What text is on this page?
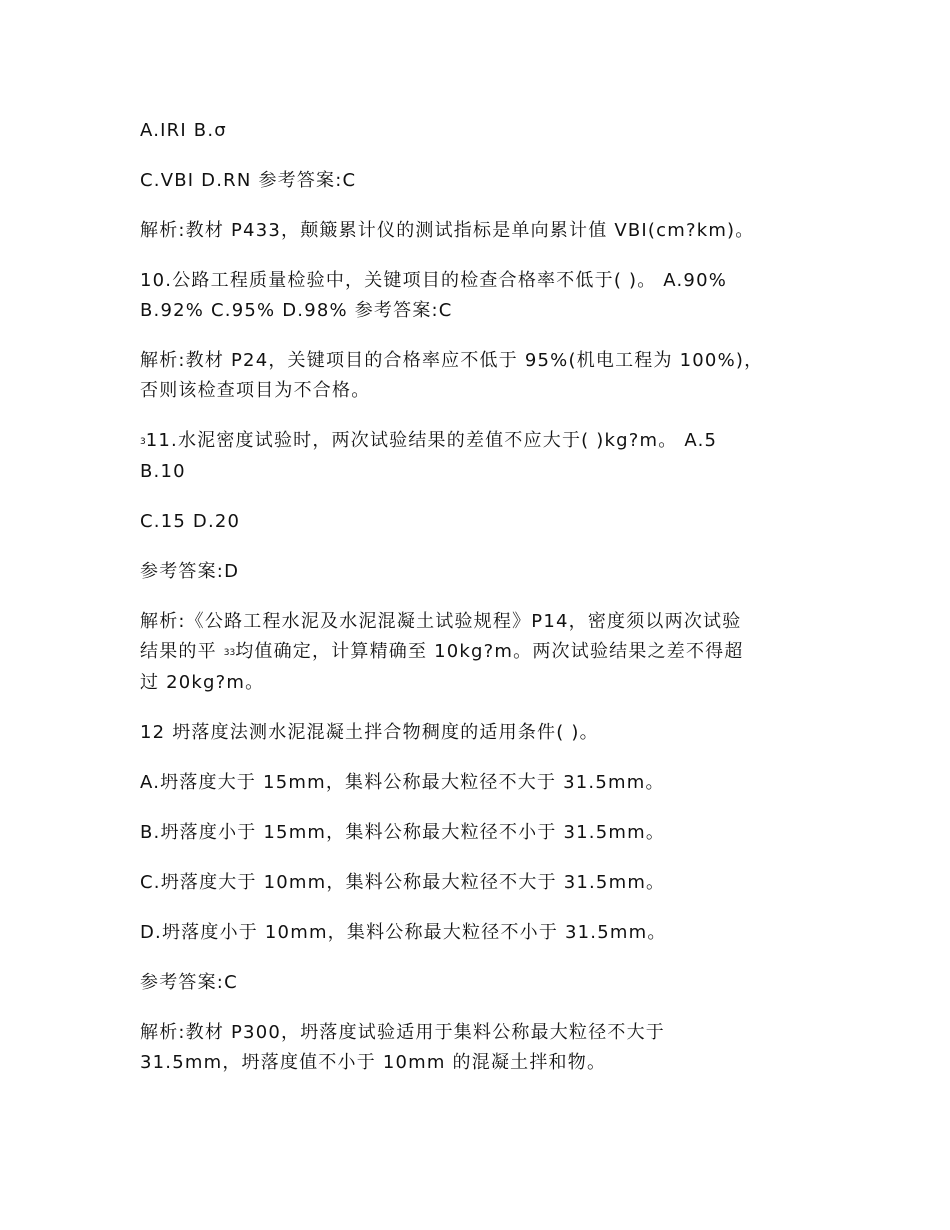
A.IRI B.σ

C.VBI D.RN 参考答案:C

解析:教材 P433，颠簸累计仪的测试指标是单向累计值 VBI(cm?km)。

10.公路工程质量检验中，关键项目的检查合格率不低于( )。 A.90%
B.92% C.95% D.98% 参考答案:C

解析:教材 P24，关键项目的合格率应不低于 95%(机电工程为 100%)，
否则该检查项目为不合格。

$^3$11.水泥密度试验时，两次试验结果的差值不应大于( )kg?m。 A.5
B.10

C.15 D.20

参考答案:D

解析:《公路工程水泥及水泥混凝土试验规程》P14，密度须以两次试验
结果的平 $^{33}$均值确定，计算精确至 10kg?m。两次试验结果之差不得超
过 20kg?m。

12 坍落度法测水泥混凝土拌合物稠度的适用条件( )。

A.坍落度大于 15mm，集料公称最大粒径不大于 31.5mm。

B.坍落度小于 15mm，集料公称最大粒径不小于 31.5mm。

C.坍落度大于 10mm，集料公称最大粒径不大于 31.5mm。

D.坍落度小于 10mm，集料公称最大粒径不小于 31.5mm。

参考答案:C

解析:教材 P300，坍落度试验适用于集料公称最大粒径不大于
31.5mm，坍落度值不小于 10mm 的混凝土拌和物。
